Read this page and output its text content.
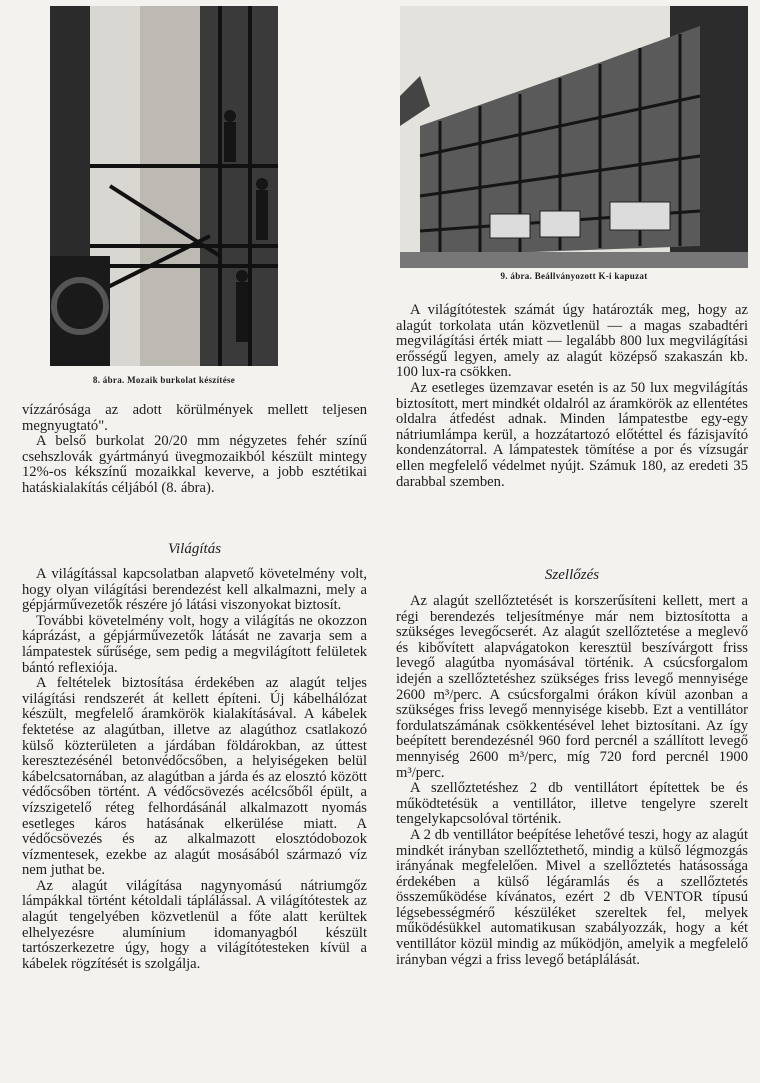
8. ábra. Mozaik burkolat készítése

vízzárósága az adott körülmények mellett teljesen megnyugtató".

A belső burkolat 20/20 mm négyzetes fehér színű csehszlovák gyártmányú üvegmozaikból készült mintegy 12%-os kékszínű mozaikkal keverve, a jobb esztétikai hatáskialakítás céljából (8. ábra).

Világítás

A világítással kapcsolatban alapvető követelmény volt, hogy olyan világítási berendezést kell alkalmazni, mely a gépjárművezetők részére jó látási viszonyokat biztosít.

További követelmény volt, hogy a világítás ne okozzon káprázást, a gépjárművezetők látását ne zavarja sem a lámpatestek sűrűsége, sem pedig a megvilágított felületek bántó reflexiója.

A feltételek biztosítása érdekében az alagút teljes világítási rendszerét át kellett építeni. Új kábelhálózat készült, megfelelő áramkörök kialakításával. A kábelek fektetése az alagútban, illetve az alagúthoz csatlakozó külső közterületen a járdában földárokban, az úttest keresztezésénél betonvédőcsőben, a helyiségeken belül kábelcsatornában, az alagútban a járda és az elosztó között védőcsőben történt. A védőcsövezés acélcsőből épült, a vízszigetelő réteg felhordásánál alkalmazott nyomás esetleges káros hatásának elkerülése miatt. A védőcsövezés és az alkalmazott elosztódobozok vízmentesek, ezekbe az alagút mosásából származó víz nem juthat be.

Az alagút világítása nagynyomású nátriumgőz lámpákkal történt kétoldali táplálással. A világítótestek az alagút tengelyében közvetlenül a főte alatt kerültek elhelyezésre alumínium idomanyagból készült tartószerkezetre úgy, hogy a világítótesteken kívül a kábelek rögzítését is szolgálja.

9. ábra. Beállványozott K-i kapuzat

A világítótestek számát úgy határozták meg, hogy az alagút torkolata után közvetlenül — a magas szabadtéri megvilágítási érték miatt — legalább 800 lux megvilágítási erősségű legyen, amely az alagút középső szakaszán kb. 100 lux-ra csökken.

Az esetleges üzemzavar esetén is az 50 lux megvilágítás biztosított, mert mindkét oldalról az áramkörök az ellentétes oldalra átfedést adnak. Minden lámpatestbe egy-egy nátriumlámpa kerül, a hozzátartozó előtéttel és fázisjavító kondenzátorral. A lámpatestek tömítése a por és vízsugár ellen megfelelő védelmet nyújt. Számuk 180, az eredeti 35 darabbal szemben.

Szellőzés

Az alagút szellőztetését is korszerűsíteni kellett, mert a régi berendezés teljesítménye már nem biztosította a szükséges levegőcserét. Az alagút szellőztetése a meglevő és kibővített alapvágatokon keresztül beszívárgott friss levegő alagútba nyomásával történik. A csúcsforgalom idején a szellőztetéshez szükséges friss levegő mennyisége 2600 m³/perc. A csúcsforgalmi órákon kívül azonban a szükséges friss levegő mennyisége kisebb. Ezt a ventillátor fordulatszámának csökkentésével lehet biztosítani. Az így beépített berendezésnél 960 ford percnél a szállított levegő mennyiség 2600 m³/perc, míg 720 ford percnél 1900 m³/perc.

A szellőztetéshez 2 db ventillátort építettek be és működtetésük a ventillátor, illetve tengelyre szerelt tengelykapcsolóval történik.

A 2 db ventillátor beépítése lehetővé teszi, hogy az alagút mindkét irányban szellőztethető, mindig a külső légmozgás irányának megfelelően. Mivel a szellőztetés hatásossága érdekében a külső légáramlás és a szellőztetés összeműködése kívánatos, ezért 2 db VENTOR típusú légsebességmérő készüléket szereltek fel, melyek működésükkel automatikusan szabályozzák, hogy a két ventillátor közül mindig az működjön, amelyik a megfelelő irányban végzi a friss levegő betáplálását.
